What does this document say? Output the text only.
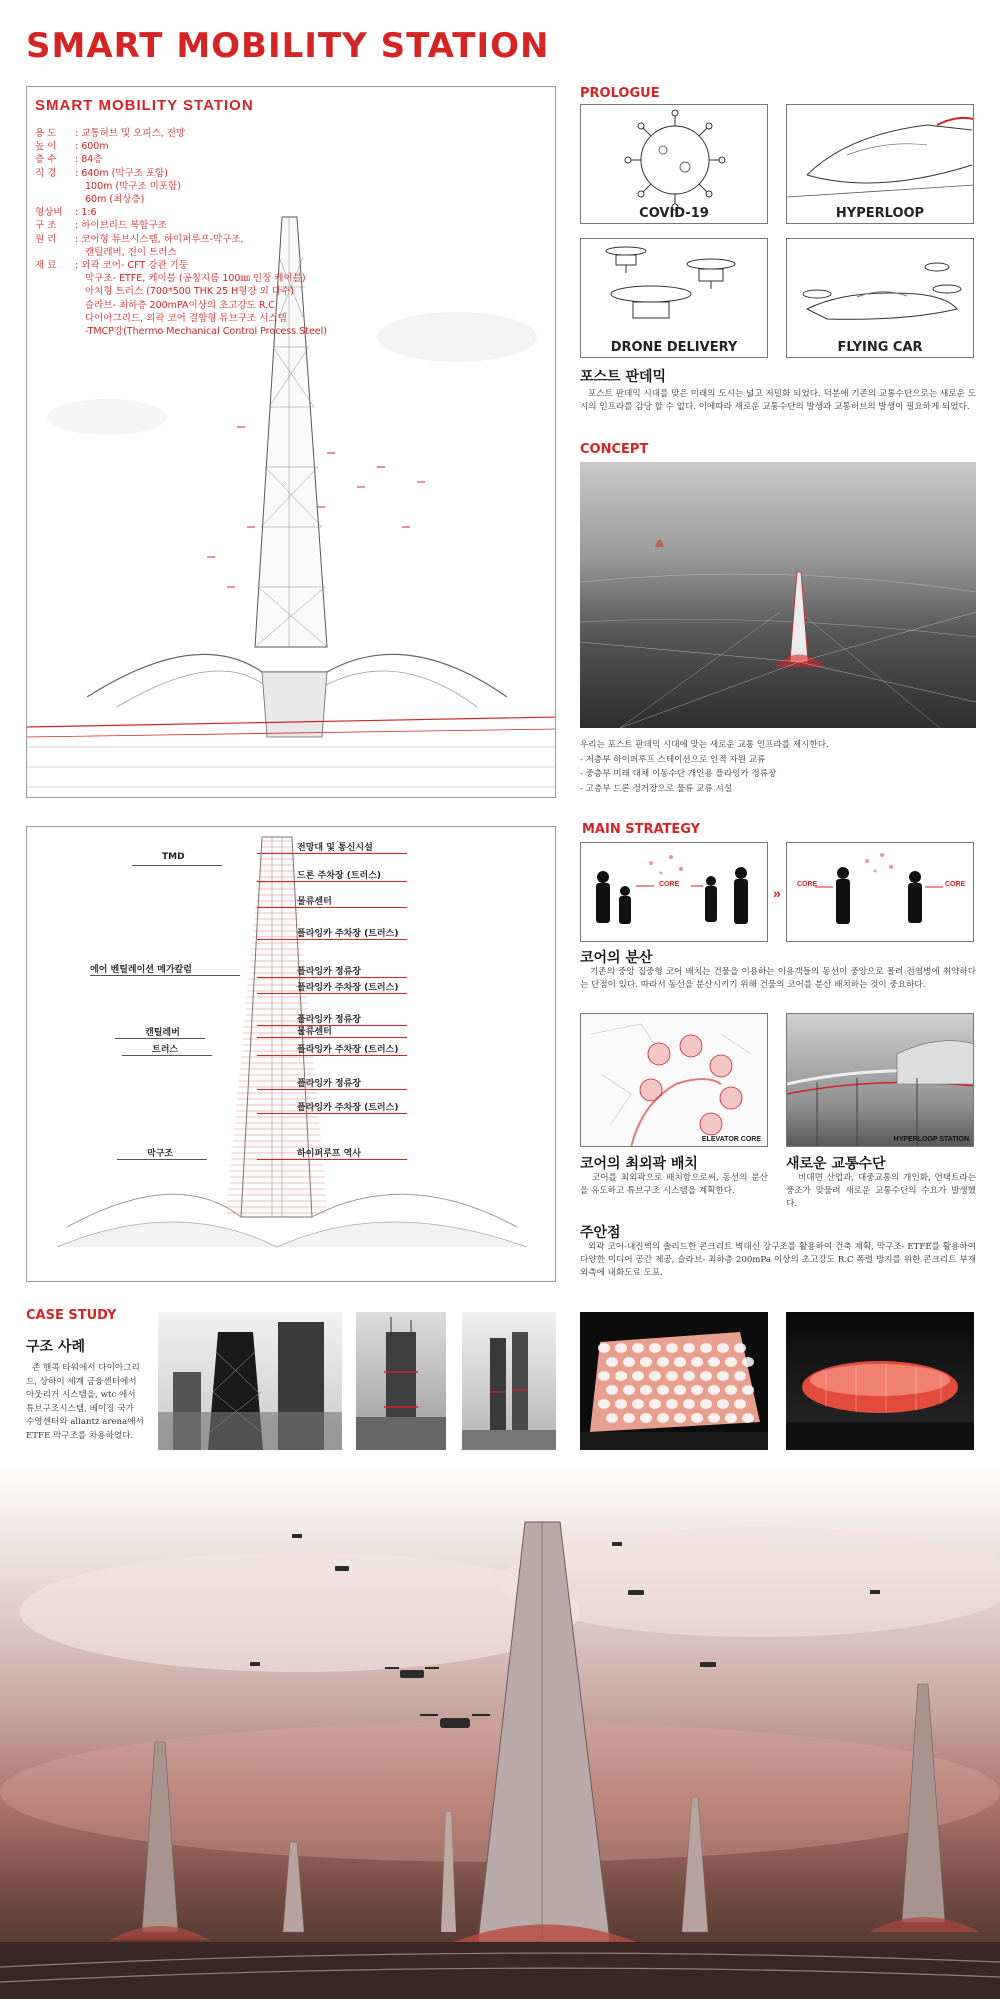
SMART MOBILITY STATION
SMART MOBILITY STATION
용 도	: 교통허브 및 오피스, 전망
높 이	: 600m
층 수	: 84층
직 경	: 640m (막구조 포함)
100m (막구조 미포함)
60m (최상층)
형상비	: 1:6
구 조	: 하이브리드 복합구조
원 리	: 코어형 튜브시스템, 하이퍼루프-막구조,
캔틸레버, 전이 트러스
재 료	: 외곽 코어- CFT 강관 기둥
막구조- ETFE, 케이블 (공칭지름 100㎜ 인장 케이블)
아치형 트러스 (700*500 THK 25 H형강 외 다수)
슬라브- 최하층 200mPA이상의 초고강도 R.C
다이아그리드, 외곽 코어 결합형 튜브구조 시스템
-TMCP강(Thermo Mechanical Control Process Steel)
전망대 및 통신시설
드론 주차장 (트러스)
물류센터
플라잉카 주차장 (트러스)
플라잉카 정류장
플라잉카 주차장 (트러스)
플라잉카 정류장
물류센터
플라잉카 주차장 (트러스)
플라잉카 정류장
플라잉카 주차장 (트러스)
하이퍼루프 역사
TMD
에어 벤틸레이션 메가칼럼
캔틸레버
트러스
막구조
PROLOGUE
COVID-19	HYPERLOOP
DRONE DELIVERY	FLYING CAR
포스트 판데믹
포스트 판데믹 시대를 맞은 미래의 도시는 넓고 저밀화 되었다. 덕분에 기존의 교통수단으로는 새로운 도시의 인프라를 감당 할 수 없다. 이에따라 새로운 교통수단의 발생과 교통허브의 발생이 필요하게 되었다.
CONCEPT
우리는 포스트 판데믹 시대에 맞는 새로운 교통 인프라를 제시한다.
- 저층부 하이퍼루프 스테이션으로 인적 자원 교류
- 중층부 미래 대체 이동수단 개인용 플라잉카 정류장
- 고층부 드론 정거장으로 물류 교류 시설
MAIN STRATEGY
CORE
»
CORE	CORE
코어의 분산
기존의 중앙 집중형 코어 배치는 건물을 이용하는 이용객들의 동선이 중앙으로 몰려 전염병에 취약하다는 단점이 있다. 따라서 동선을 분산시키기 위해 건물의 코어를 분산 배치하는 것이 중요하다.
ELEVATOR CORE	HYPERLOOP STATION
코어의 최외곽 배치
코어를 최외곽으로 배치함으로써, 동선의 분산을 유도하고 튜브구조 시스템을 계획한다.
새로운 교통수단
비대면 산업과, 대중교통의 개인화, 언택트라는 풍조가 맞물려 새로운 교통수단의 수요가 발생했다.
주안점
외곽 코어-내진벽의 솔리드한 콘크리트 벽대신 강구조를 활용하여 건축 계획, 막구조- ETFE를 활용하여 다양한 미디어 공간 제공, 슬라브- 최하층 200mPa 이상의 초고강도 R.C 폭렬 방지를 위한 콘크리트 부재 외측에 내화도료 도포.
CASE STUDY
구조 사례
존 핸콕 타워에서 다이아그리드, 상하이 세계 금융센터에서 아웃리거 시스템을, wtc 에서 튜브구조시스템, 베이징 국가 수영센터와 aliantz arena에서 ETFE 막구조를 차용하였다.
